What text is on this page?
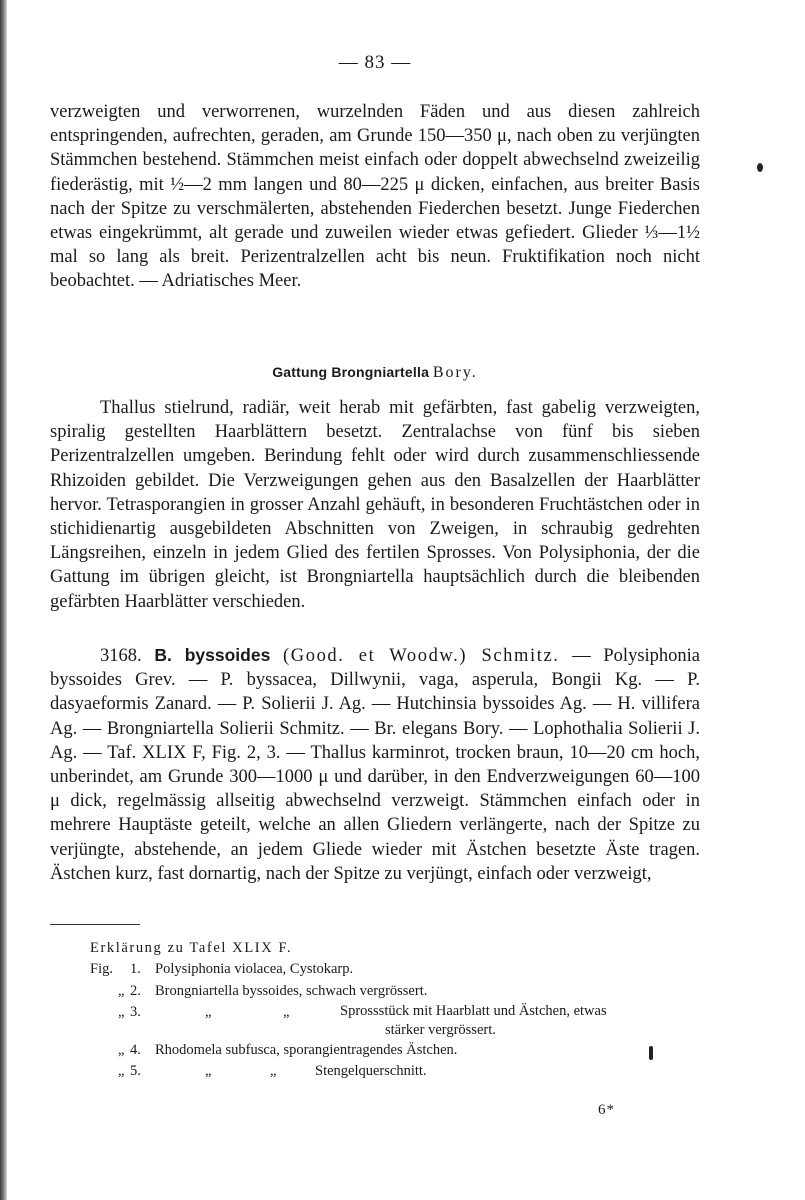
— 83 —

verzweigten und verworrenen, wurzelnden Fäden und aus diesen zahlreich entspringenden, aufrechten, geraden, am Grunde 150—350 μ, nach oben zu verjüngten Stämmchen bestehend. Stämmchen meist einfach oder doppelt abwechselnd zweizeilig fiederästig, mit ½—2 mm langen und 80—225 μ dicken, einfachen, aus breiter Basis nach der Spitze zu verschmälerten, abstehenden Fiederchen besetzt. Junge Fiederchen etwas eingekrümmt, alt gerade und zuweilen wieder etwas gefiedert. Glieder ⅓—1½ mal so lang als breit. Perizentralzellen acht bis neun. Fruktifikation noch nicht beobachtet. — Adriatisches Meer.

Gattung Brongniartella Bory.

Thallus stielrund, radiär, weit herab mit gefärbten, fast gabelig verzweigten, spiralig gestellten Haarblättern besetzt. Zentralachse von fünf bis sieben Perizentralzellen umgeben. Berindung fehlt oder wird durch zusammenschliessende Rhizoiden gebildet. Die Verzweigungen gehen aus den Basalzellen der Haarblätter hervor. Tetrasporangien in grosser Anzahl gehäuft, in besonderen Fruchtästchen oder in stichidienartig ausgebildeten Abschnitten von Zweigen, in schraubig gedrehten Längsreihen, einzeln in jedem Glied des fertilen Sprosses. Von Polysiphonia, der die Gattung im übrigen gleicht, ist Brongniartella hauptsächlich durch die bleibenden gefärbten Haarblätter verschieden.

3168. B. byssoides (Good. et Woodw.) Schmitz. — Polysiphonia byssoides Grev. — P. byssacea, Dillwynii, vaga, asperula, Bongii Kg. — P. dasyaeformis Zanard. — P. Solierii J. Ag. — Hutchinsia byssoides Ag. — H. villifera Ag. — Brongniartella Solierii Schmitz. — Br. elegans Bory. — Lophothalia Solierii J. Ag. — Taf. XLIX F, Fig. 2, 3. — Thallus karminrot, trocken braun, 10—20 cm hoch, unberindet, am Grunde 300—1000 μ und darüber, in den Endverzweigungen 60—100 μ dick, regelmässig allseitig abwechselnd verzweigt. Stämmchen einfach oder in mehrere Hauptäste geteilt, welche an allen Gliedern verlängerte, nach der Spitze zu verjüngte, abstehende, an jedem Gliede wieder mit Ästchen besetzte Äste tragen. Ästchen kurz, fast dornartig, nach der Spitze zu verjüngt, einfach oder verzweigt,

Erklärung zu Tafel XLIX F.
Fig.	1. Polysiphonia violacea, Cystokarp.
„ 2. Brongniartella byssoides, schwach vergrössert.
„ 3.	„	„	Sprossstück mit Haarblatt und Ästchen, etwas
stärker vergrössert.
„ 4. Rhodomela subfusca, sporangientragendes Ästchen.
„ 5.	„	„	Stengelquerschnitt.
6*
